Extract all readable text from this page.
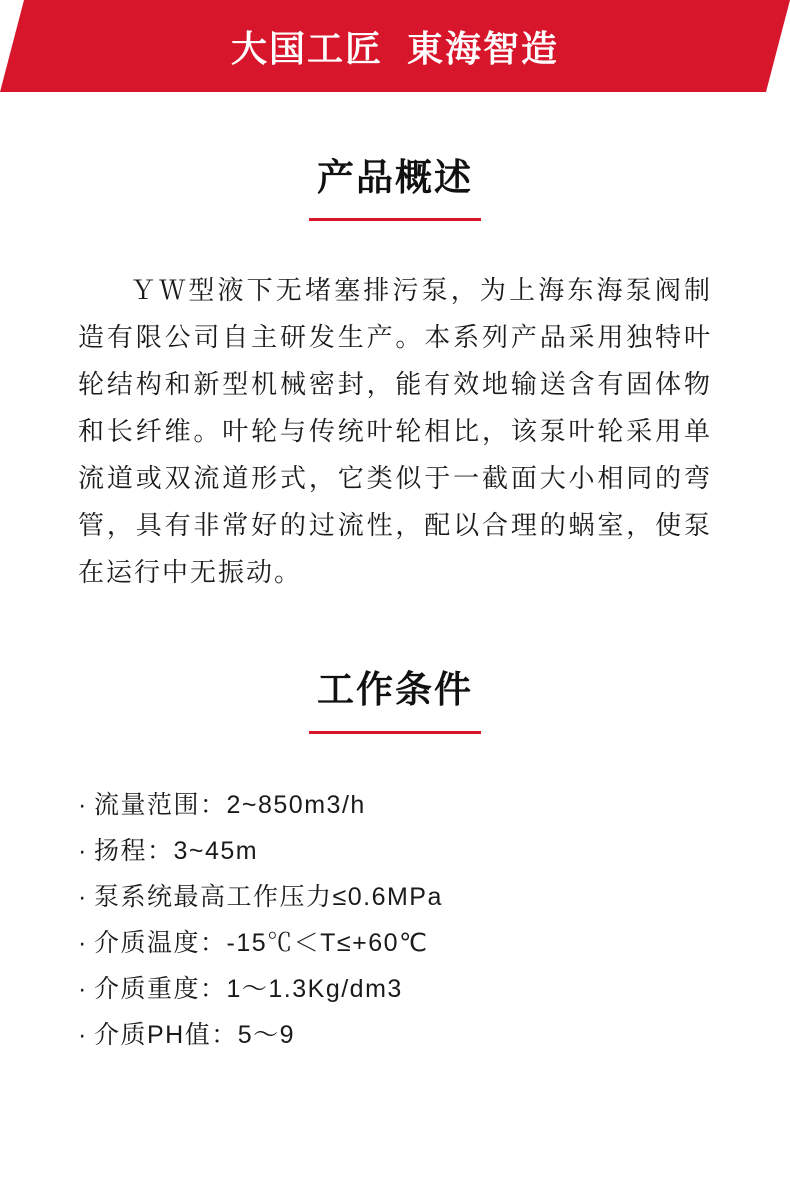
大国工匠  東海智造
产品概述
ＹＷ型液下无堵塞排污泵，为上海东海泵阀制造有限公司自主研发生产。本系列产品采用独特叶轮结构和新型机械密封，能有效地输送含有固体物和长纤维。叶轮与传统叶轮相比，该泵叶轮采用单流道或双流道形式，它类似于一截面大小相同的弯管，具有非常好的过流性，配以合理的蜗室，使泵在运行中无振动。
工作条件
· 流量范围：2~850m3/h
· 扬程：3~45m
· 泵系统最高工作压力≤0.6MPa
· 介质温度：-15℃＜T≤+60℃
· 介质重度：1～1.3Kg/dm3
· 介质PH值：5～9
